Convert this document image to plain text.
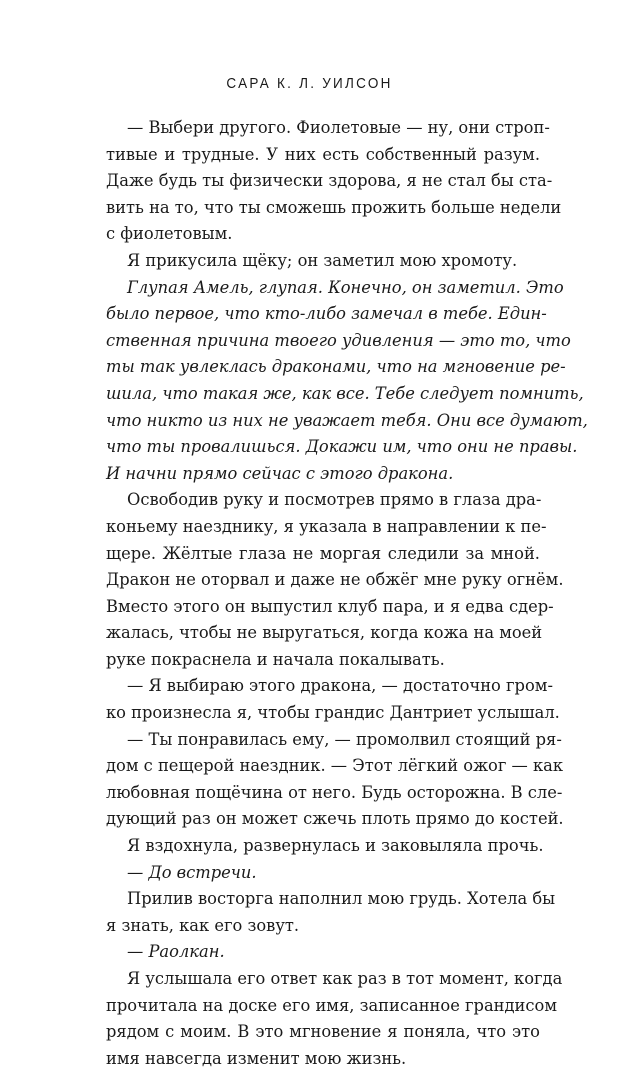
САРА К. Л. УИЛСОН
— Выбери другого. Фиолетовые — ну, они строп-
тивые и трудные. У них есть собственный разум.
Даже будь ты физически здорова, я не стал бы ста-
вить на то, что ты сможешь прожить больше недели
с фиолетовым.
Я прикусила щёку; он заметил мою хромоту.
Глупая Амель, глупая. Конечно, он заметил. Это
было первое, что кто-либо замечал в тебе. Един-
ственная причина твоего удивления — это то, что
ты так увлеклась драконами, что на мгновение ре-
шила, что такая же, как все. Тебе следует помнить,
что никто из них не уважает тебя. Они все думают,
что ты провалишься. Докажи им, что они не правы.
И начни прямо сейчас с этого дракона.
Освободив руку и посмотрев прямо в глаза дра-
коньему наезднику, я указала в направлении к пе-
щере. Жёлтые глаза не моргая следили за мной.
Дракон не оторвал и даже не обжёг мне руку огнём.
Вместо этого он выпустил клуб пара, и я едва сдер-
жалась, чтобы не выругаться, когда кожа на моей
руке покраснела и начала покалывать.
— Я выбираю этого дракона, — достаточно гром-
ко произнесла я, чтобы грандис Дантриет услышал.
— Ты понравилась ему, — промолвил стоящий ря-
дом с пещерой наездник. — Этот лёгкий ожог — как
любовная пощёчина от него. Будь осторожна. В сле-
дующий раз он может сжечь плоть прямо до костей.
Я вздохнула, развернулась и заковыляла прочь.
— До встречи.
Прилив восторга наполнил мою грудь. Хотела бы
я знать, как его зовут.
— Раолкан.
Я услышала его ответ как раз в тот момент, когда
прочитала на доске его имя, записанное грандисом
рядом с моим. В это мгновение я поняла, что это
имя навсегда изменит мою жизнь.
